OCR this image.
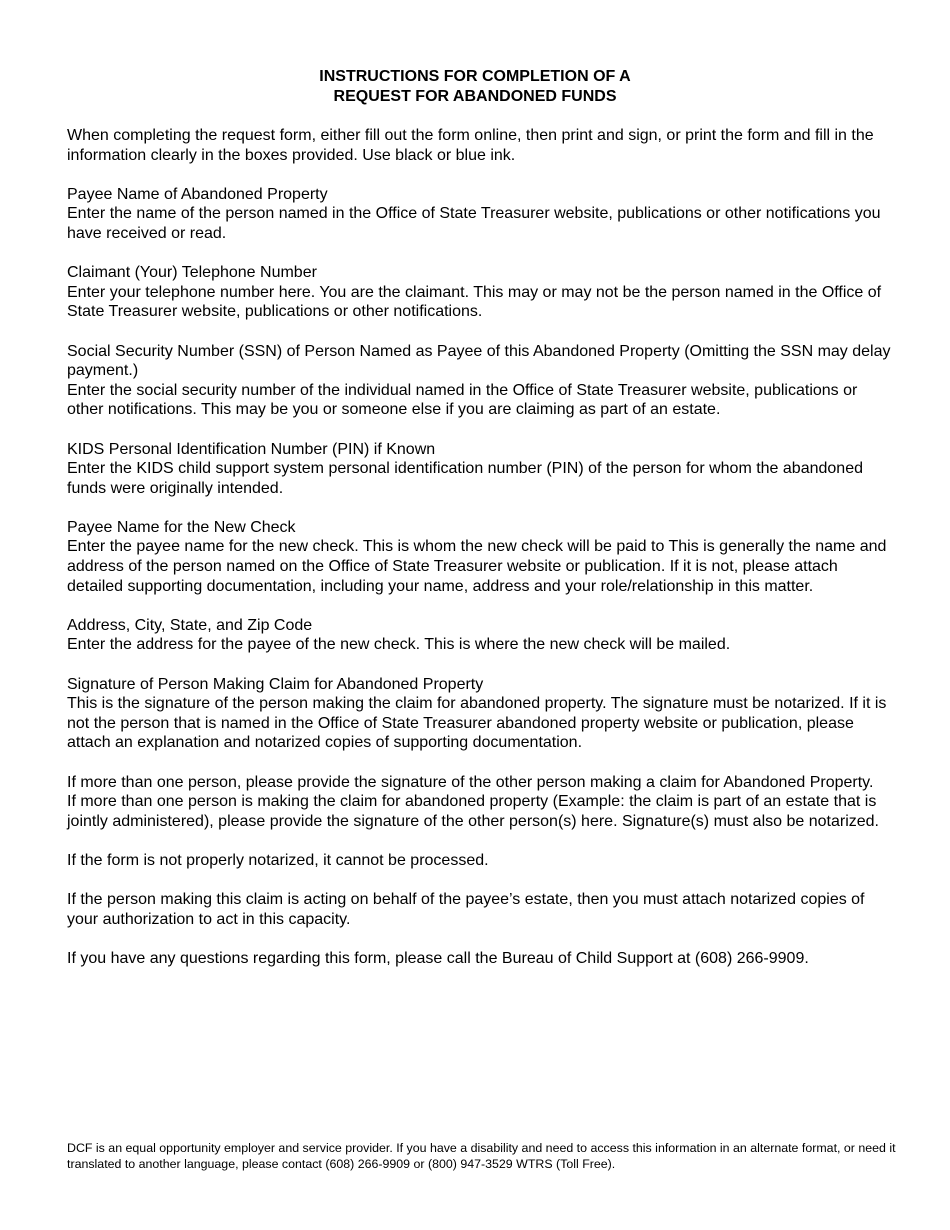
INSTRUCTIONS FOR COMPLETION OF A
REQUEST FOR ABANDONED FUNDS

When completing the request form, either fill out the form online, then print and sign, or print the form and fill in the information clearly in the boxes provided. Use black or blue ink.

Payee Name of Abandoned Property

Enter the name of the person named in the Office of State Treasurer website, publications or other notifications you have received or read.

Claimant (Your) Telephone Number

Enter your telephone number here. You are the claimant. This may or may not be the person named in the Office of State Treasurer website, publications or other notifications.

Social Security Number (SSN) of Person Named as Payee of this Abandoned Property (Omitting the SSN may delay payment.)

Enter the social security number of the individual named in the Office of State Treasurer website, publications or other notifications. This may be you or someone else if you are claiming as part of an estate.

KIDS Personal Identification Number (PIN) if Known

Enter the KIDS child support system personal identification number (PIN) of the person for whom the abandoned funds were originally intended.

Payee Name for the New Check

Enter the payee name for the new check. This is whom the new check will be paid to This is generally the name and address of the person named on the Office of State Treasurer website or publication. If it is not, please attach detailed supporting documentation, including your name, address and your role/relationship in this matter.

Address, City, State, and Zip Code

Enter the address for the payee of the new check. This is where the new check will be mailed.

Signature of Person Making Claim for Abandoned Property

This is the signature of the person making the claim for abandoned property. The signature must be notarized. If it is not the person that is named in the Office of State Treasurer abandoned property website or publication, please attach an explanation and notarized copies of supporting documentation.

If more than one person, please provide the signature of the other person making a claim for Abandoned Property.

If more than one person is making the claim for abandoned property (Example: the claim is part of an estate that is jointly administered), please provide the signature of the other person(s) here. Signature(s) must also be notarized.

If the form is not properly notarized, it cannot be processed.

If the person making this claim is acting on behalf of the payee’s estate, then you must attach notarized copies of your authorization to act in this capacity.

If you have any questions regarding this form, please call the Bureau of Child Support at (608) 266-9909.

DCF is an equal opportunity employer and service provider. If you have a disability and need to access this information in an alternate format, or need it translated to another language, please contact (608) 266-9909 or (800) 947-3529 WTRS (Toll Free).
